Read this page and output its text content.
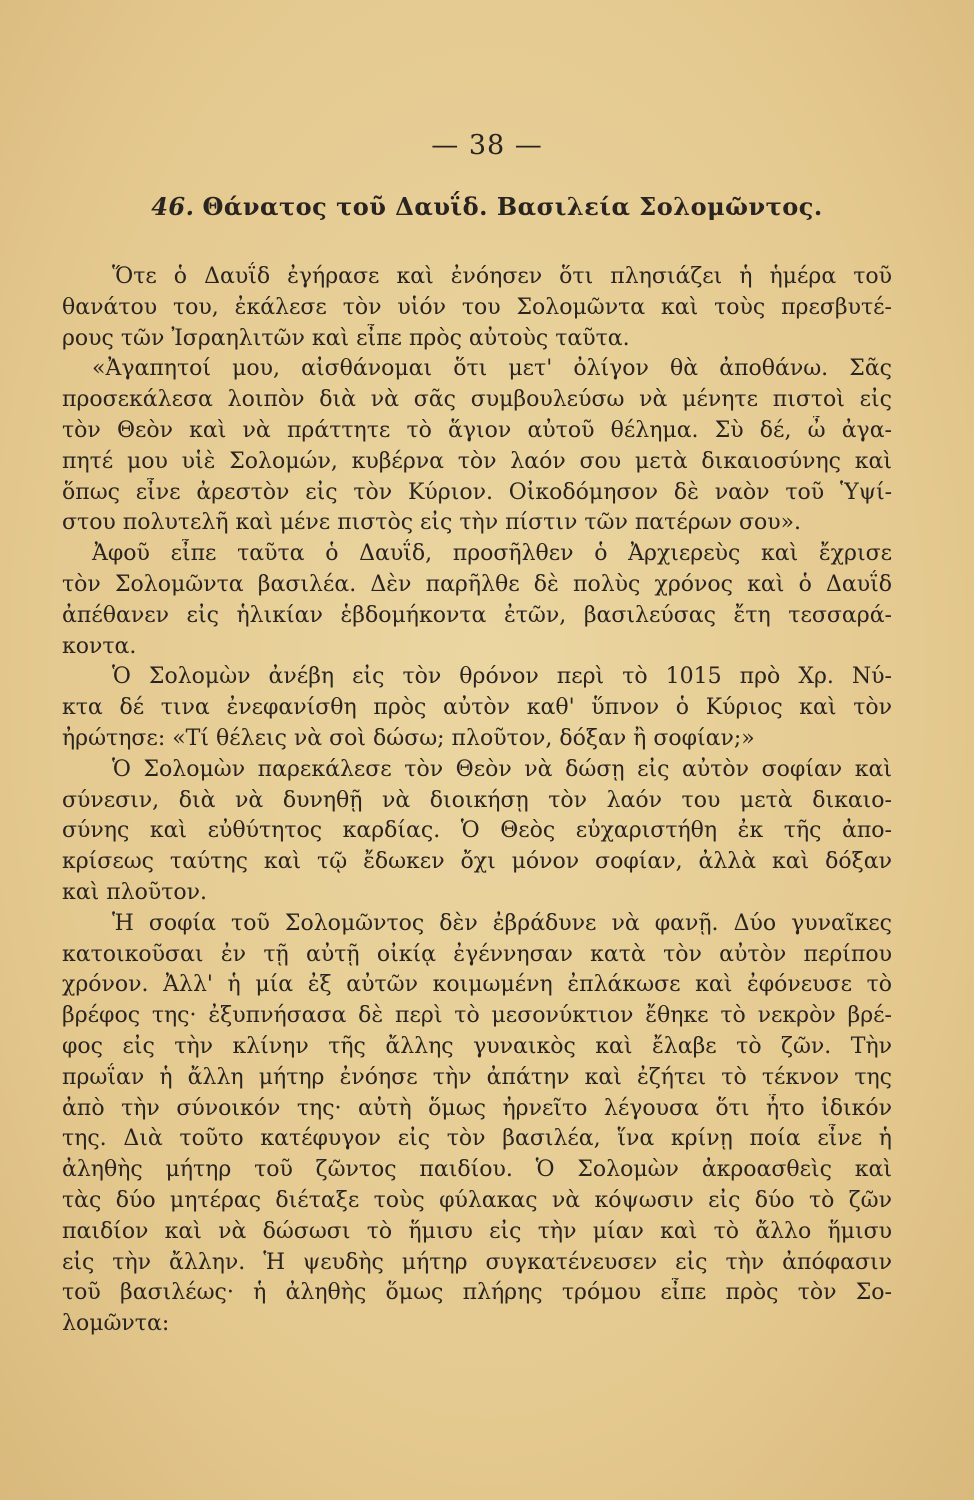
— 38 —
46. Θάνατος τοῦ Δαυΐδ. Βασιλεία Σολομῶντος.
Ὅτε ὁ Δαυΐδ ἐγήρασε καὶ ἐνόησεν ὅτι πλησιάζει ἡ ἡμέρα τοῦ
θανάτου του, ἐκάλεσε τὸν υἱόν του Σολομῶντα καὶ τοὺς πρεσβυτέ-
ρους τῶν Ἰσραηλιτῶν καὶ εἶπε πρὸς αὐτοὺς ταῦτα.
«Ἀγαπητοί μου, αἰσθάνομαι ὅτι μετ' ὀλίγον θὰ ἀποθάνω. Σᾶς
προσεκάλεσα λοιπὸν διὰ νὰ σᾶς συμβουλεύσω νὰ μένητε πιστοὶ εἰς
τὸν Θεὸν καὶ νὰ πράττητε τὸ ἅγιον αὐτοῦ θέλημα. Σὺ δέ, ὦ ἀγα-
πητέ μου υἱὲ Σολομών, κυβέρνα τὸν λαόν σου μετὰ δικαιοσύνης καὶ
ὅπως εἶνε ἀρεστὸν εἰς τὸν Κύριον. Οἰκοδόμησον δὲ ναὸν τοῦ Ὑψί-
στου πολυτελῆ καὶ μένε πιστὸς εἰς τὴν πίστιν τῶν πατέρων σου».
Ἀφοῦ εἶπε ταῦτα ὁ Δαυΐδ, προσῆλθεν ὁ Ἀρχιερεὺς καὶ ἔχρισε
τὸν Σολομῶντα βασιλέα. Δὲν παρῆλθε δὲ πολὺς χρόνος καὶ ὁ Δαυΐδ
ἀπέθανεν εἰς ἡλικίαν ἑβδομήκοντα ἐτῶν, βασιλεύσας ἔτη τεσσαρά-
κοντα.
Ὁ Σολομὼν ἀνέβη εἰς τὸν θρόνον περὶ τὸ 1015 πρὸ Χρ. Νύ-
κτα δέ τινα ἐνεφανίσθη πρὸς αὐτὸν καθ' ὕπνον ὁ Κύριος καὶ τὸν
ἠρώτησε: «Τί θέλεις νὰ σοὶ δώσω; πλοῦτον, δόξαν ἢ σοφίαν;»
Ὁ Σολομὼν παρεκάλεσε τὸν Θεὸν νὰ δώσῃ εἰς αὐτὸν σοφίαν καὶ
σύνεσιν, διὰ νὰ δυνηθῇ νὰ διοικήσῃ τὸν λαόν του μετὰ δικαιο-
σύνης καὶ εὐθύτητος καρδίας. Ὁ Θεὸς εὐχαριστήθη ἐκ τῆς ἀπο-
κρίσεως ταύτης καὶ τῷ ἔδωκεν ὄχι μόνον σοφίαν, ἀλλὰ καὶ δόξαν
καὶ πλοῦτον.
Ἡ σοφία τοῦ Σολομῶντος δὲν ἐβράδυνε νὰ φανῇ. Δύο γυναῖκες
κατοικοῦσαι ἐν τῇ αὐτῇ οἰκίᾳ ἐγέννησαν κατὰ τὸν αὐτὸν περίπου
χρόνον. Ἀλλ' ἡ μία ἐξ αὐτῶν κοιμωμένη ἐπλάκωσε καὶ ἐφόνευσε τὸ
βρέφος της· ἐξυπνήσασα δὲ περὶ τὸ μεσονύκτιον ἔθηκε τὸ νεκρὸν βρέ-
φος εἰς τὴν κλίνην τῆς ἄλλης γυναικὸς καὶ ἔλαβε τὸ ζῶν. Τὴν
πρωΐαν ἡ ἄλλη μήτηρ ἐνόησε τὴν ἀπάτην καὶ ἐζήτει τὸ τέκνον της
ἀπὸ τὴν σύνοικόν της· αὐτὴ ὅμως ἠρνεῖτο λέγουσα ὅτι ἦτο ἰδικόν
της. Διὰ τοῦτο κατέφυγον εἰς τὸν βασιλέα, ἵνα κρίνῃ ποία εἶνε ἡ
ἀληθὴς μήτηρ τοῦ ζῶντος παιδίου. Ὁ Σολομὼν ἀκροασθεὶς καὶ
τὰς δύο μητέρας διέταξε τοὺς φύλακας νὰ κόψωσιν εἰς δύο τὸ ζῶν
παιδίον καὶ νὰ δώσωσι τὸ ἥμισυ εἰς τὴν μίαν καὶ τὸ ἄλλο ἥμισυ
εἰς τὴν ἄλλην. Ἡ ψευδὴς μήτηρ συγκατένευσεν εἰς τὴν ἀπόφασιν
τοῦ βασιλέως· ἡ ἀληθὴς ὅμως πλήρης τρόμου εἶπε πρὸς τὸν Σο-
λομῶντα:
